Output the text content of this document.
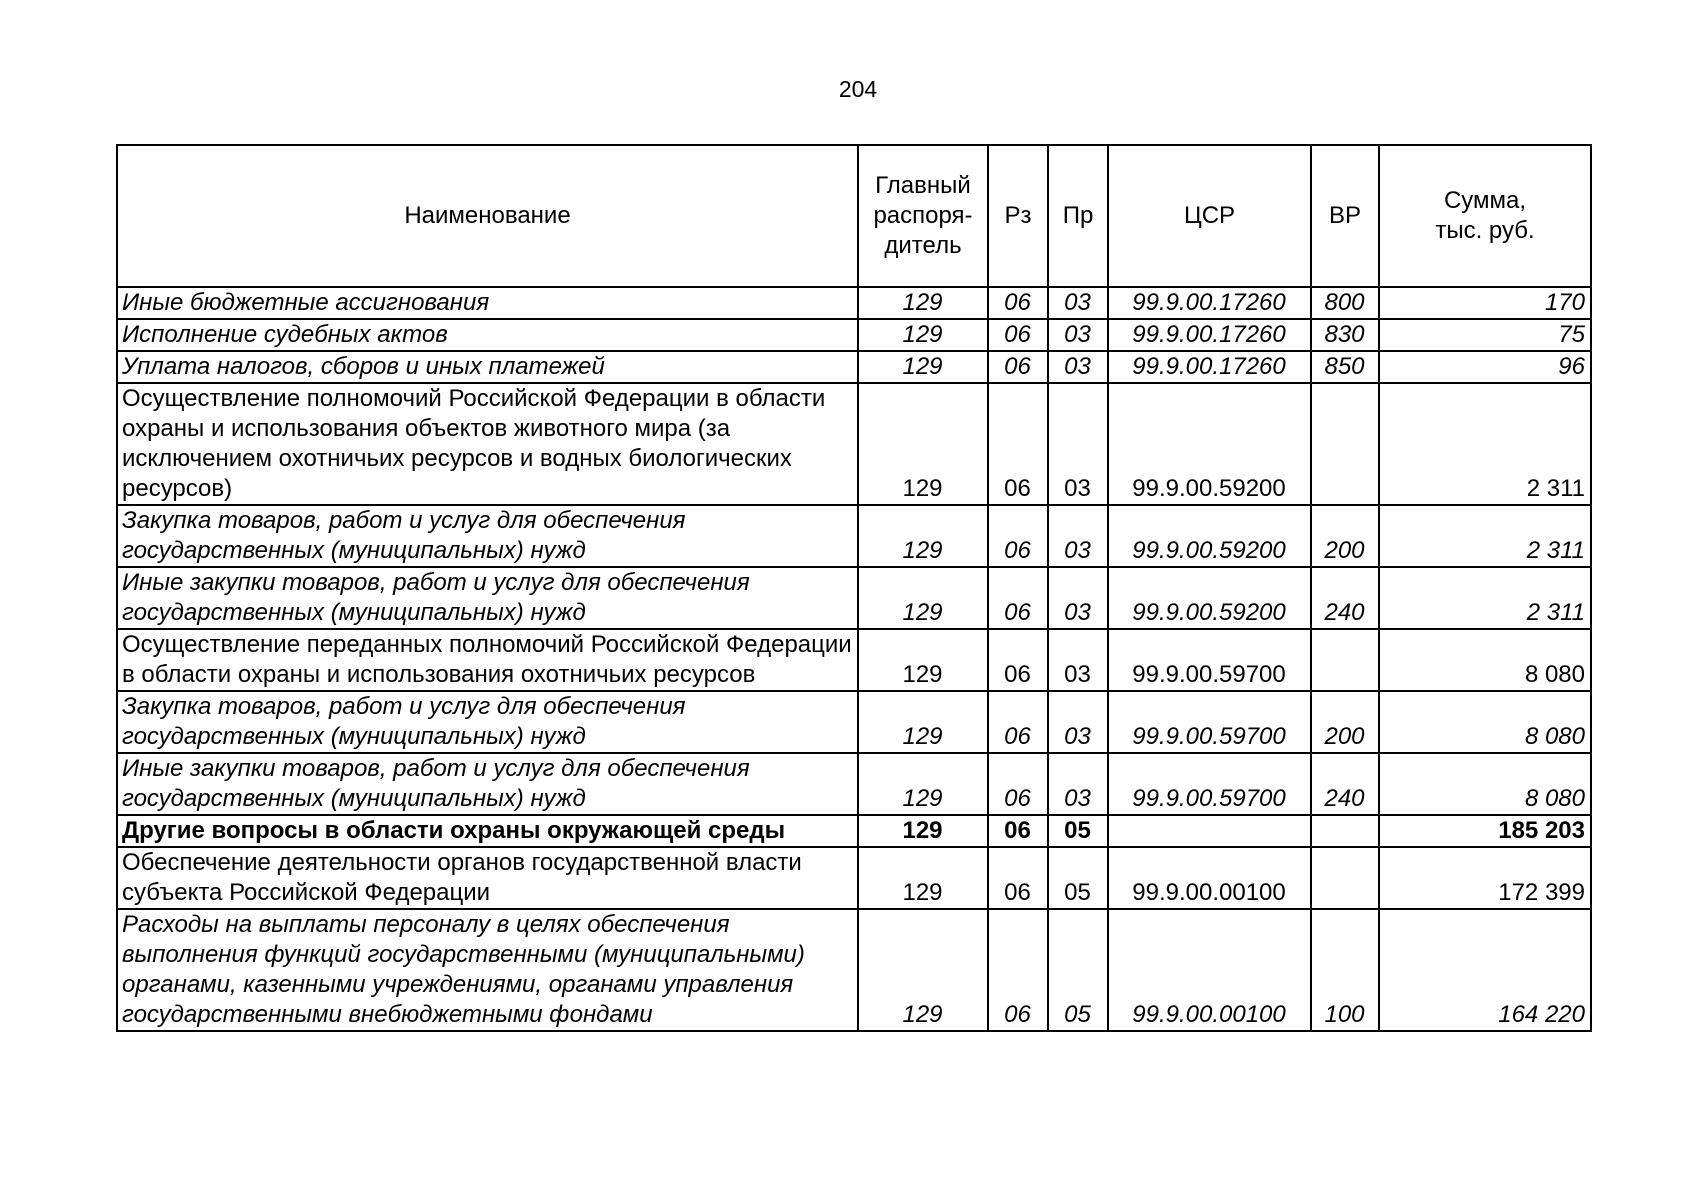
204
Наименование	Главный
распоря-
дитель	Рз	Пр	ЦСР	ВР	Сумма,
тыс. руб.
Иные бюджетные ассигнования	129	06	03	99.9.00.17260	800	170
Исполнение судебных актов	129	06	03	99.9.00.17260	830	75
Уплата налогов, сборов и иных платежей	129	06	03	99.9.00.17260	850	96
Осуществление полномочий Российской Федерации в области охраны и использования объектов животного мира (за исключением охотничьих ресурсов и водных биологических ресурсов)	129	06	03	99.9.00.59200		2 311
Закупка товаров, работ и услуг для обеспечения государственных (муниципальных) нужд	129	06	03	99.9.00.59200	200	2 311
Иные закупки товаров, работ и услуг для обеспечения государственных (муниципальных) нужд	129	06	03	99.9.00.59200	240	2 311
Осуществление переданных полномочий Российской Федерации в области охраны и использования охотничьих ресурсов	129	06	03	99.9.00.59700		8 080
Закупка товаров, работ и услуг для обеспечения государственных (муниципальных) нужд	129	06	03	99.9.00.59700	200	8 080
Иные закупки товаров, работ и услуг для обеспечения государственных (муниципальных) нужд	129	06	03	99.9.00.59700	240	8 080
Другие вопросы в области охраны окружающей среды	129	06	05			185 203
Обеспечение деятельности органов государственной власти субъекта Российской Федерации	129	06	05	99.9.00.00100		172 399
Расходы на выплаты персоналу в целях обеспечения выполнения функций государственными (муниципальными) органами, казенными учреждениями, органами управления государственными внебюджетными фондами	129	06	05	99.9.00.00100	100	164 220
